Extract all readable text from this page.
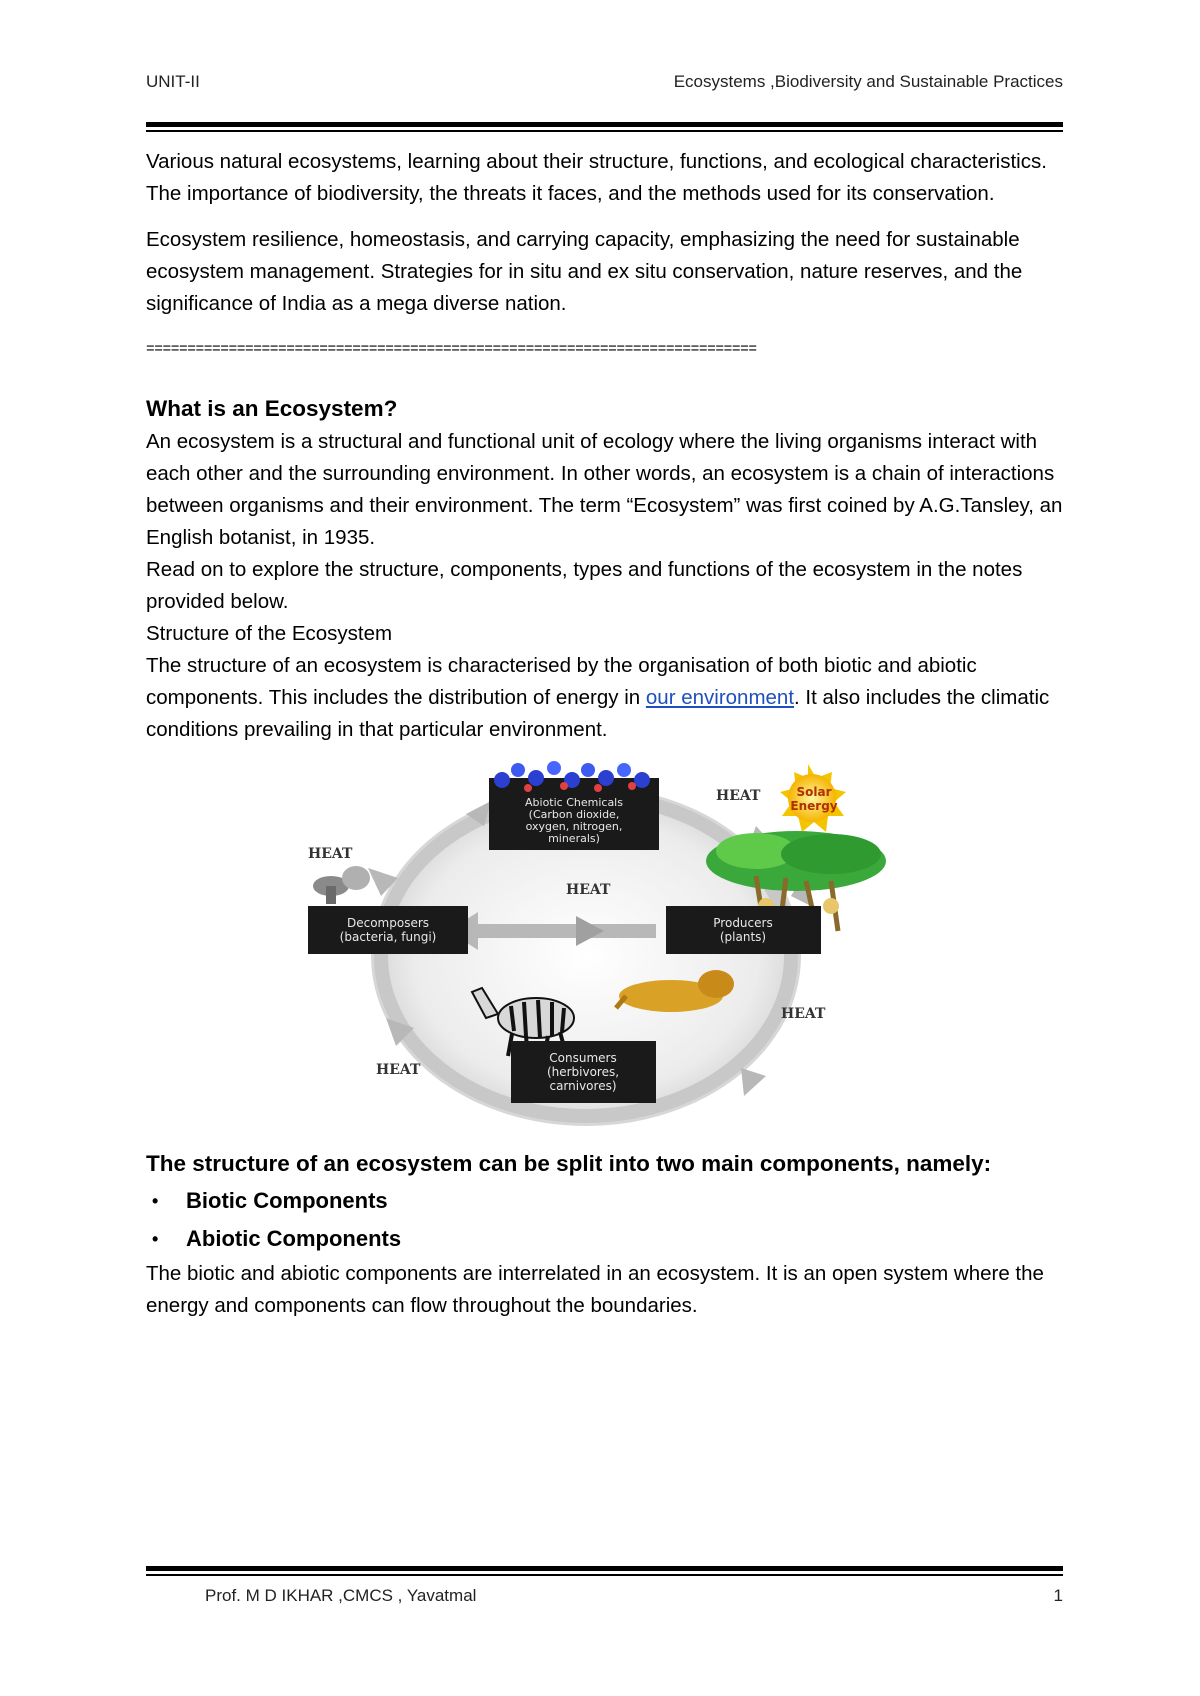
UNIT-II	Ecosystems ,Biodiversity and Sustainable Practices

Various natural ecosystems, learning about their structure, functions, and ecological characteristics. The importance of biodiversity, the threats it faces, and the methods used for its conservation.

Ecosystem resilience, homeostasis, and carrying capacity, emphasizing the need for sustainable ecosystem management. Strategies for in situ and ex situ conservation, nature reserves, and the significance of India as a mega diverse nation.

==========================================================================

What is an Ecosystem?

An ecosystem is a structural and functional unit of ecology where the living organisms interact with each other and the surrounding environment. In other words, an ecosystem is a chain of interactions between organisms and their environment. The term “Ecosystem” was first coined by A.G.Tansley, an English botanist, in 1935.

Read on to explore the structure, components, types and functions of the ecosystem in the notes provided below.

Structure of the Ecosystem

The structure of an ecosystem is characterised by the organisation of both biotic and abiotic components. This includes the distribution of energy in our environment. It also includes the climatic conditions prevailing in that particular environment.

Abiotic Chemicals
(Carbon dioxide,
oxygen, nitrogen,
minerals)
Solar
Energy
Producers
(plants)
Decomposers
(bacteria, fungi)
Consumers
(herbivores,
carnivores)
HEAT
HEAT
HEAT
HEAT
HEAT
The structure of an ecosystem can be split into two main components, namely:
• Biotic Components
• Abiotic Components

The biotic and abiotic components are interrelated in an ecosystem. It is an open system where the energy and components can flow throughout the boundaries.

Prof. M D IKHAR ,CMCS , Yavatmal	1
